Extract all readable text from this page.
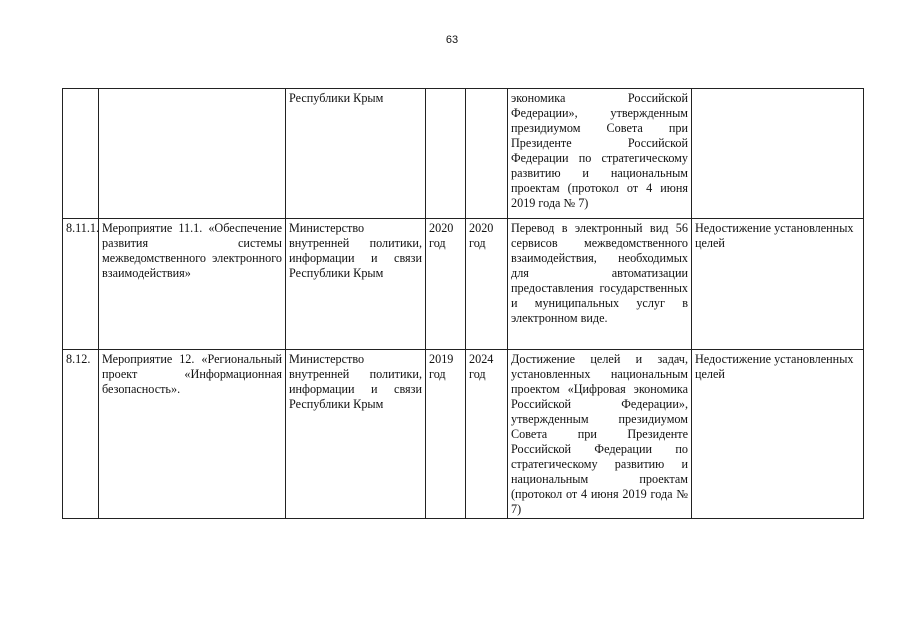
63
		Республики Крым			экономика Российской Федерации», утвержденным президиумом Совета при Президенте Российской Федерации по стратегическому развитию и национальным проектам (протокол от 4 июня 2019 года № 7)	
8.11.1.	Мероприятие 11.1. «Обеспечение развития системы межведомственного электронного взаимодействия»	Министерство внутренней политики, информации и связи Республики Крым	2020 год	2020 год	Перевод в электронный вид 56 сервисов межведомственного взаимодействия, необходимых для автоматизации предоставления государственных и муниципальных услуг в электронном виде.	Недостижение установленных целей
8.12.	Мероприятие 12. «Региональный проект «Информационная безопасность».	Министерство внутренней политики, информации и связи Республики Крым	2019 год	2024 год	Достижение целей и задач, установленных национальным проектом «Цифровая экономика Российской Федерации», утвержденным президиумом Совета при Президенте Российской Федерации по стратегическому развитию и национальным проектам (протокол от 4 июня 2019 года № 7)	Недостижение установленных целей
